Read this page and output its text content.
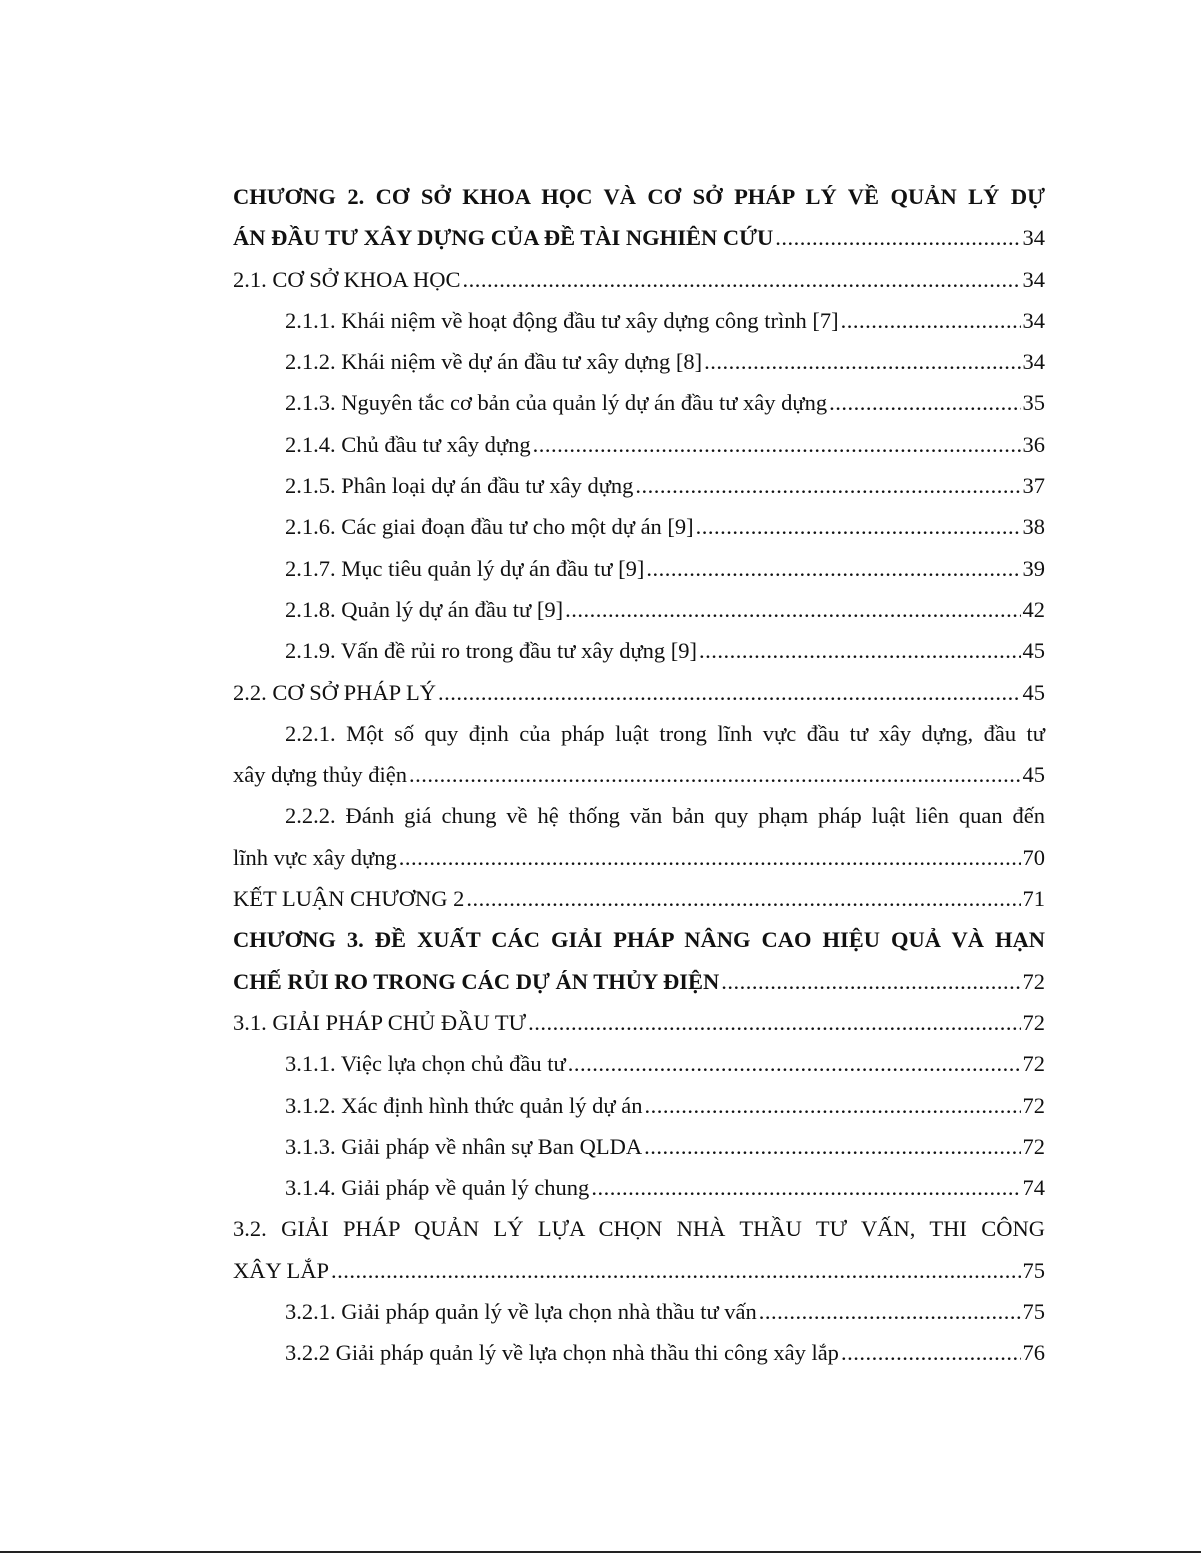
CHƯƠNG 2. CƠ SỞ KHOA HỌC VÀ CƠ SỞ PHÁP LÝ VỀ QUẢN LÝ DỰ
ÁN ĐẦU TƯ XÂY DỰNG CỦA ĐỀ TÀI NGHIÊN CỨU .....	34
2.1. CƠ SỞ KHOA HỌC .....	34
2.1.1. Khái niệm về hoạt động đầu tư xây dựng công trình [7] .....	34
2.1.2. Khái niệm về dự án đầu tư xây dựng [8] .....	34
2.1.3. Nguyên tắc cơ bản của quản lý dự án đầu tư xây dựng .....	35
2.1.4. Chủ đầu tư xây dựng .....	36
2.1.5. Phân loại dự án đầu tư xây dựng .....	37
2.1.6. Các giai đoạn đầu tư cho một dự án [9] .....	38
2.1.7. Mục tiêu quản lý dự án đầu tư [9] .....	39
2.1.8. Quản lý dự án đầu tư [9] .....	42
2.1.9. Vấn đề rủi ro trong đầu tư xây dựng [9] .....	45
2.2. CƠ SỞ PHÁP LÝ .....	45
2.2.1. Một số quy định của pháp luật trong lĩnh vực đầu tư xây dựng, đầu tư
xây dựng thủy điện .....	45
2.2.2. Đánh giá chung về hệ thống văn bản quy phạm pháp luật liên quan đến
lĩnh vực xây dựng .....	70
KẾT LUẬN CHƯƠNG 2 .....	71
CHƯƠNG 3. ĐỀ XUẤT CÁC GIẢI PHÁP NÂNG CAO HIỆU QUẢ VÀ HẠN
CHẾ RỦI RO TRONG CÁC DỰ ÁN THỦY ĐIỆN .....	72
3.1. GIẢI PHÁP CHỦ ĐẦU TƯ .....	72
3.1.1. Việc lựa chọn chủ đầu tư .....	72
3.1.2. Xác định hình thức quản lý dự án .....	72
3.1.3. Giải pháp về nhân sự Ban QLDA .....	72
3.1.4. Giải pháp về quản lý chung .....	74
3.2. GIẢI PHÁP QUẢN LÝ LỰA CHỌN NHÀ THẦU TƯ VẤN, THI CÔNG
XÂY LẮP .....	75
3.2.1. Giải pháp quản lý về lựa chọn nhà thầu tư vấn .....	75
3.2.2 Giải pháp quản lý về lựa chọn nhà thầu thi công xây lắp .....	76
